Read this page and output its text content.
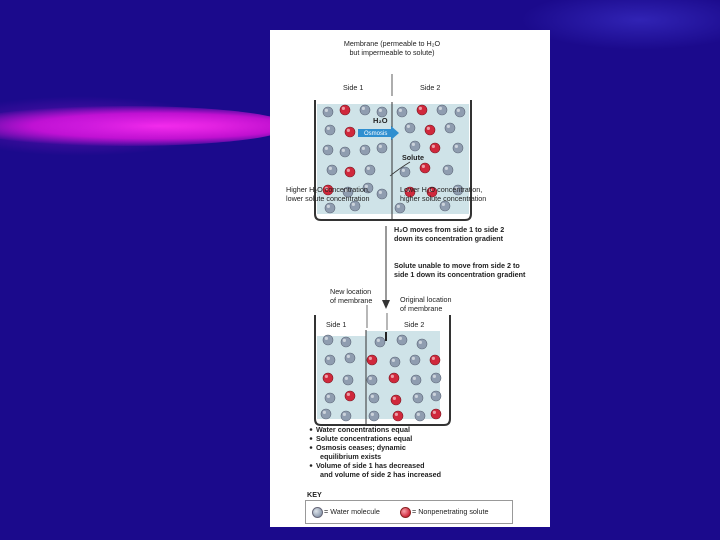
Membrane (permeable to H₂O
but impermeable to solute)
Side 1	Side 2
H₂O
Osmosis
Solute
Higher H₂O concentration,
lower solute concentration
Lower H₂O concentration,
higher solute concentration
H₂O moves from side 1 to side 2
down its concentration gradient
Solute unable to move from side 2 to
side 1 down its concentration gradient
New location
of membrane	Original location
of membrane
Side 1	Side 2
Water concentrations equal
Solute concentrations equal
Osmosis ceases; dynamic
equilibrium exists
Volume of side 1 has decreased
and volume of side 2 has increased
KEY
= Water molecule	= Nonpenetrating solute
